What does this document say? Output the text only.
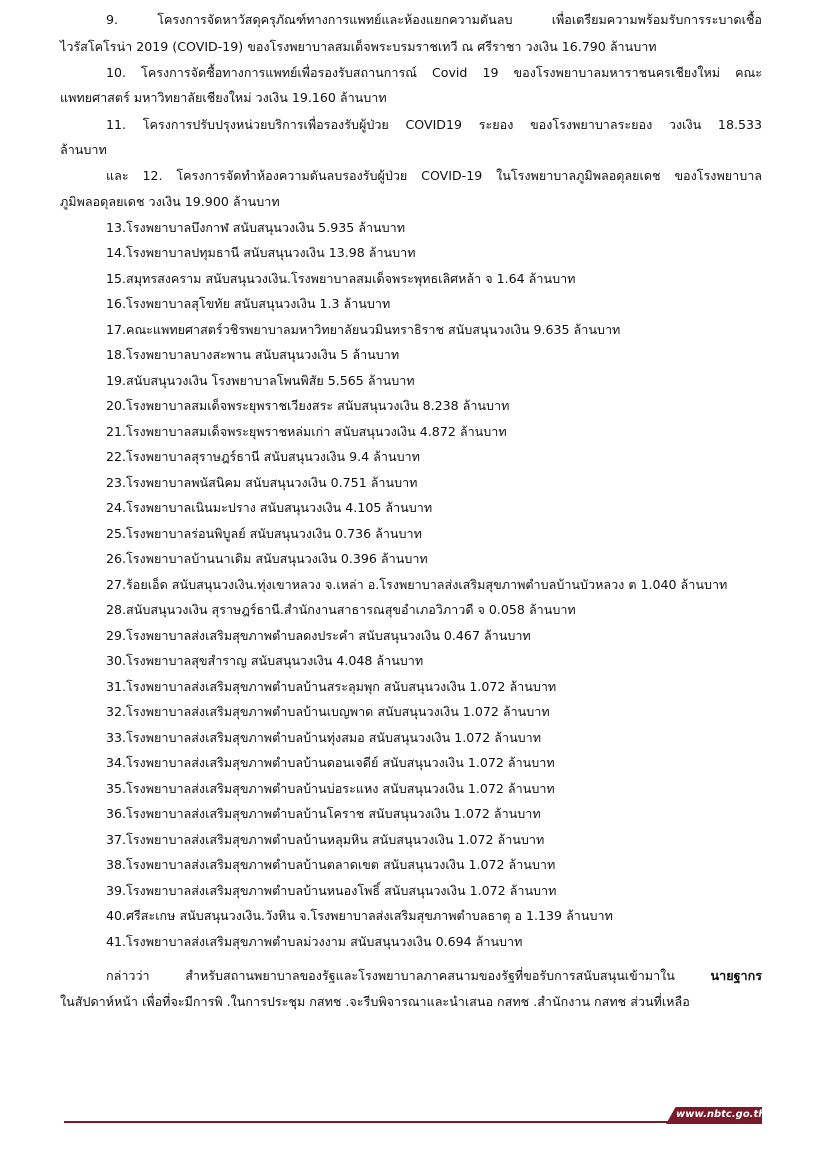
9. โครงการจัดหาวัสดุครุภัณฑ์ทางการแพทย์และห้องแยกความดันลบ เพื่อเตรียมความพร้อมรับการระบาดเชื้อ

ไวรัสโคโรน่า 2019 (COVID-19) ของโรงพยาบาลสมเด็จพระบรมราชเทวี ณ ศรีราชา วงเงิน 16.790 ล้านบาท

10. โครงการจัดซื้อทางการแพทย์เพื่อรองรับสถานการณ์ Covid 19 ของโรงพยาบาลมหาราชนครเชียงใหม่ คณะ

แพทยศาสตร์ มหาวิทยาลัยเชียงใหม่ วงเงิน 19.160 ล้านบาท

11. โครงการปรับปรุงหน่วยบริการเพื่อรองรับผู้ป่วย COVID19 ระยอง ของโรงพยาบาลระยอง วงเงิน 18.533

ล้านบาท

และ 12. โครงการจัดทำห้องความดันลบรองรับผู้ป่วย COVID-19 ในโรงพยาบาลภูมิพลอดุลยเดช ของโรงพยาบาล

ภูมิพลอดุลยเดช วงเงิน 19.900 ล้านบาท

13.โรงพยาบาลบึงกาฬ สนับสนุนวงเงิน 5.935 ล้านบาท

14.โรงพยาบาลปทุมธานี สนับสนุนวงเงิน 13.98 ล้านบาท

15.สมุทรสงคราม สนับสนุนวงเงิน.โรงพยาบาลสมเด็จพระพุทธเลิศหล้า จ 1.64 ล้านบาท

16.โรงพยาบาลสุโขทัย สนับสนุนวงเงิน 1.3 ล้านบาท

17.คณะแพทยศาสตร์วชิรพยาบาลมหาวิทยาลัยนวมินทราธิราช สนับสนุนวงเงิน 9.635 ล้านบาท

18.โรงพยาบาลบางสะพาน สนับสนุนวงเงิน 5 ล้านบาท

19.สนับสนุนวงเงิน โรงพยาบาลโพนพิสัย 5.565 ล้านบาท

20.โรงพยาบาลสมเด็จพระยุพราชเวียงสระ สนับสนุนวงเงิน 8.238 ล้านบาท

21.โรงพยาบาลสมเด็จพระยุพราชหล่มเก่า สนับสนุนวงเงิน 4.872 ล้านบาท

22.โรงพยาบาลสุราษฎร์ธานี สนับสนุนวงเงิน 9.4 ล้านบาท

23.โรงพยาบาลพนัสนิคม สนับสนุนวงเงิน 0.751 ล้านบาท

24.โรงพยาบาลเนินมะปราง สนับสนุนวงเงิน 4.105 ล้านบาท

25.โรงพยาบาลร่อนพิบูลย์ สนับสนุนวงเงิน 0.736 ล้านบาท

26.โรงพยาบาลบ้านนาเดิม สนับสนุนวงเงิน 0.396 ล้านบาท

27.ร้อยเอ็ด สนับสนุนวงเงิน.ทุ่งเขาหลวง จ.เหล่า อ.โรงพยาบาลส่งเสริมสุขภาพตำบลบ้านบัวหลวง ต 1.040 ล้านบาท

28.สนับสนุนวงเงิน สุราษฎร์ธานี.สำนักงานสาธารณสุขอำเภอวิภาวดี จ 0.058 ล้านบาท

29.โรงพยาบาลส่งเสริมสุขภาพตำบลดงประคำ สนับสนุนวงเงิน 0.467 ล้านบาท

30.โรงพยาบาลสุขสำราญ สนับสนุนวงเงิน 4.048 ล้านบาท

31.โรงพยาบาลส่งเสริมสุขภาพตำบลบ้านสระลุมพุก สนับสนุนวงเงิน 1.072 ล้านบาท

32.โรงพยาบาลส่งเสริมสุขภาพตำบลบ้านเบญพาด สนับสนุนวงเงิน 1.072 ล้านบาท

33.โรงพยาบาลส่งเสริมสุขภาพตำบลบ้านทุ่งสมอ สนับสนุนวงเงิน 1.072 ล้านบาท

34.โรงพยาบาลส่งเสริมสุขภาพตำบลบ้านดอนเจดีย์ สนับสนุนวงเงิน 1.072 ล้านบาท

35.โรงพยาบาลส่งเสริมสุขภาพตำบลบ้านบ่อระแหง สนับสนุนวงเงิน 1.072 ล้านบาท

36.โรงพยาบาลส่งเสริมสุขภาพตำบลบ้านโคราช สนับสนุนวงเงิน 1.072 ล้านบาท

37.โรงพยาบาลส่งเสริมสุขภาพตำบลบ้านหลุมหิน สนับสนุนวงเงิน 1.072 ล้านบาท

38.โรงพยาบาลส่งเสริมสุขภาพตำบลบ้านตลาดเขต สนับสนุนวงเงิน 1.072 ล้านบาท

39.โรงพยาบาลส่งเสริมสุขภาพตำบลบ้านหนองโพธิ์ สนับสนุนวงเงิน 1.072 ล้านบาท

40.ศรีสะเกษ สนับสนุนวงเงิน.วังหิน จ.โรงพยาบาลส่งเสริมสุขภาพตำบลธาตุ อ 1.139 ล้านบาท

41.โรงพยาบาลส่งเสริมสุขภาพตำบลม่วงงาม สนับสนุนวงเงิน 0.694 ล้านบาท

กล่าวว่า สำหรับสถานพยาบาลของรัฐและโรงพยาบาลภาคสนามของรัฐที่ขอรับการสนับสนุนเข้ามาใน นายฐากร

ในสัปดาห์หน้า เพื่อที่จะมีการพิ .ในการประชุม กสทช .จะรีบพิจารณาและนำเสนอ กสทช .สำนักงาน กสทช ส่วนที่เหลือ

www.nbtc.go.th
